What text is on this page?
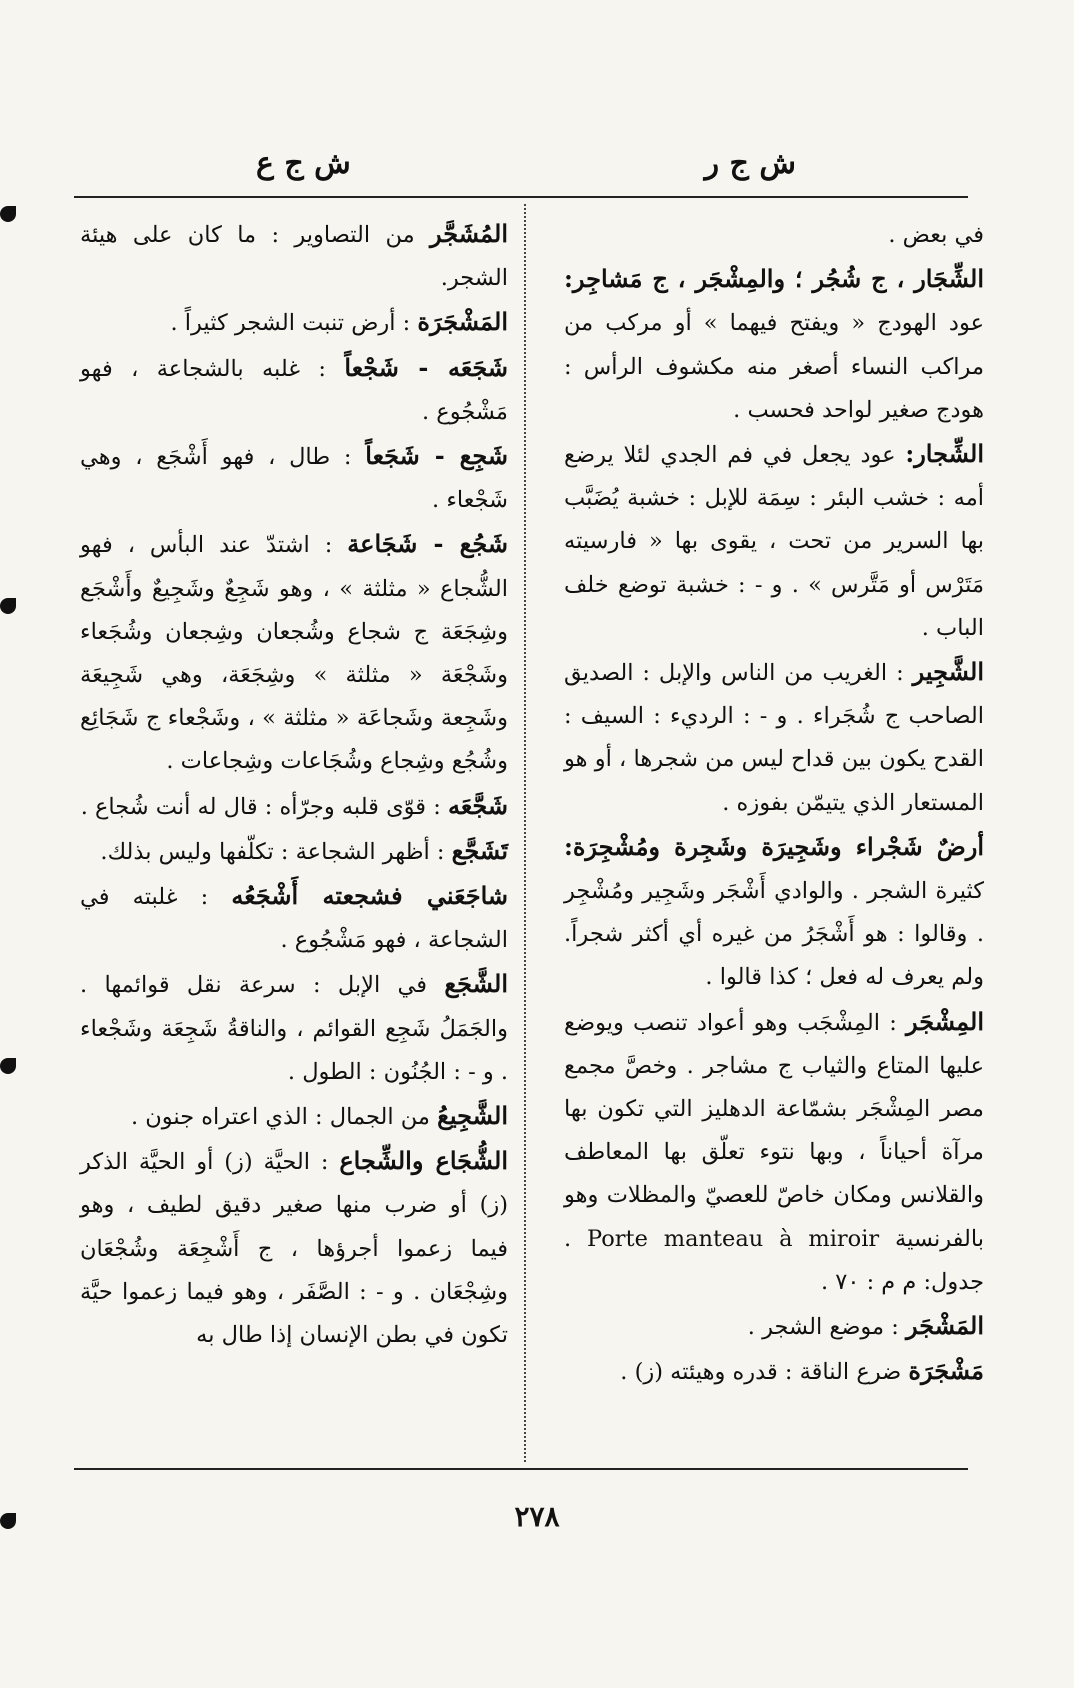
ش ج ر
ش ج ع

في بعض .

الشِّجَار ، ج شُجُر ؛ والمِشْجَر ، ج مَشاجِر: عود الهودج « ويفتح فيهما » أو مركب من مراكب النساء أصغر منه مكشوف الرأس : هودج صغير لواحد فحسب .

الشِّجار: عود يجعل في فم الجدي لئلا يرضع أمه : خشب البئر : سِمَة للإبل : خشبة يُضَبَّب بها السرير من تحت ، يقوى بها « فارسيته مَتَرْس أو مَتَّرس » . و - : خشبة توضع خلف الباب .

الشَّجِير : الغريب من الناس والإبل : الصديق الصاحب ج شُجَراء . و - : الرديء : السيف : القدح يكون بين قداح ليس من شجرها ، أو هو المستعار الذي يتيمّن بفوزه .

أرضٌ شَجْراء وشَجِيرَة وشَجِرة ومُشْجِرَة: كثيرة الشجر . والوادي أَشْجَر وشَجِير ومُشْجِر . وقالوا : هو أَشْجَرُ من غيره أي أكثر شجراً. ولم يعرف له فعل ؛ كذا قالوا .

المِشْجَر : المِشْجَب وهو أعواد تنصب ويوضع عليها المتاع والثياب ج مشاجر . وخصَّ مجمع مصر المِشْجَر بشمّاعة الدهليز التي تكون بها مرآة أحياناً ، وبها نتوء تعلّق بها المعاطف والقلانس ومكان خاصّ للعصيّ والمظلات وهو بالفرنسية Porte manteau à miroir . جدول: م م : ٧٠ .

المَشْجَر : موضع الشجر .

مَشْجَرَة ضرع الناقة : قدره وهيئته (ز) .

المُشَجَّر من التصاوير : ما كان على هيئة الشجر.

المَشْجَرَة : أرض تنبت الشجر كثيراً .

شَجَعَه - شَجْعاً : غلبه بالشجاعة ، فهو مَشْجُوع .

شَجِع - شَجَعاً : طال ، فهو أَشْجَع ، وهي شَجْعاء .

شَجُع - شَجَاعة : اشتدّ عند البأس ، فهو الشُّجاع « مثلثة » ، وهو شَجِعٌ وشَجِيعٌ وأَشْجَع وشِجَعَة ج شجاع وشُجعان وشِجعان وشُجَعاء وشَجْعَة « مثلثة » وشِجَعَة، وهي شَجِيعَة وشَجِعة وشَجاعَة « مثلثة » ، وشَجْعاء ج شَجَائِع وشُجُع وشِجاع وشُجَاعات وشِجاعات .

شَجَّعَه : قوّى قلبه وجرّأه : قال له أنت شُجاع .

تَشَجَّع : أظهر الشجاعة : تكلّفها وليس بذلك.

شاجَعَني فشجعته أَشْجَعُه : غلبته في الشجاعة ، فهو مَشْجُوع .

الشَّجَع في الإبل : سرعة نقل قوائمها . والجَمَلُ شَجِع القوائم ، والناقةُ شَجِعَة وشَجْعاء . و - : الجُنُون : الطول .

الشَّجِيعُ من الجمال : الذي اعتراه جنون .

الشُّجَاع والشِّجاع : الحيَّة (ز) أو الحيَّة الذكر (ز) أو ضرب منها صغير دقيق لطيف ، وهو فيما زعموا أجرؤها ، ج أَشْجِعَة وشُجْعَان وشِجْعَان . و - : الصَّفَر ، وهو فيما زعموا حيَّة تكون في بطن الإنسان إذا طال به

٢٧٨
